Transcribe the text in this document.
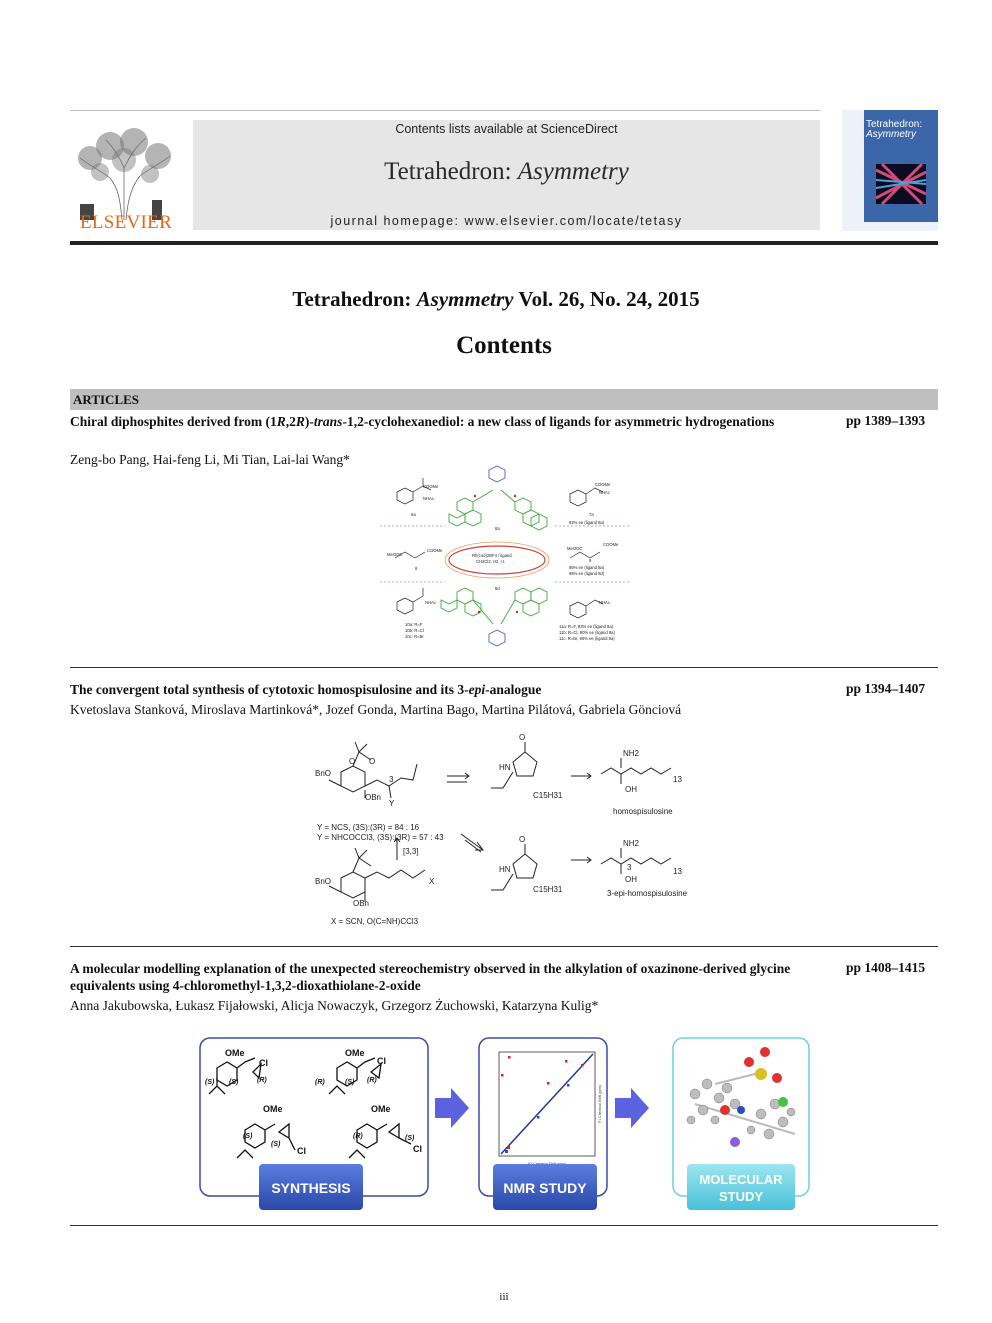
ELSEVIER
Contents lists available at ScienceDirect
Tetrahedron: Asymmetry
journal homepage: www.elsevier.com/locate/tetasy
Tetrahedron:
Asymmetry
Tetrahedron: Asymmetry Vol. 26, No. 24, 2015
Contents
ARTICLES
Chiral diphosphites derived from (1R,2R)-trans-1,2-cyclohexanediol: a new class of ligands for asymmetric hydrogenations	pp 1389–1393
Zeng-bo Pang, Hai-feng Li, Mi Tian, Lai-lai Wang*
COOMe
NHAc
6a
8a
8d
Rh(cod)2BF4 / ligand
CH2Cl2, H2, r.t.
MeOOC
COOMe
8
NHAc
10a: R=F
10b: R=Cl
10c: R=Br
COOMe
NHAc
7a
92% ee (ligand 8a)
MeOOC
COOMe
9
95% ee (ligand 8a)
95% ee (ligand 8d)
NHAc
11a: R=F, 93% ee (ligand 8a)
11b: R=Cl, 90% ee (ligand 8a)
11c: R=Br, 90% ee (ligand 8a)
The convergent total synthesis of cytotoxic homospisulosine and its 3-epi-analogue	pp 1394–1407
Kvetoslava Stanková, Miroslava Martinková*, Jozef Gonda, Martina Bago, Martina Pilátová, Gabriela Gönciová
BnO
O O
OBn
Y
3
Y = NCS, (3S):(3R) = 84 : 16
Y = NHCOCCl3, (3S):(3R) = 57 : 43
[3,3]
BnO
OBn
X
X = SCN, O(C=NH)CCl3
O
HN
C15H31
O
HN
C15H31
NH2
OH
13
homospisulosine
NH2
OH
13
3
3-epi-homospisulosine
A molecular modelling explanation of the unexpected stereochemistry observed in the alkylation of oxazinone-derived glycine equivalents using 4-chloromethyl-1,3,2-dioxathiolane-2-oxide
pp 1408–1415
Anna Jakubowska, Łukasz Fijałowski, Alicja Nowaczyk, Grzegorz Żuchowski, Katarzyna Kulig*
OMe
Cl
OMe
Cl
OMe
Cl
OMe
Cl
(S) (S)	(R)	(R)	(S) (R)
(S)
(S)
(R)	(S)
SYNTHESIS
F1 Chemical Shift (ppm)
NMR STUDY
MOLECULAR
STUDY
iii
